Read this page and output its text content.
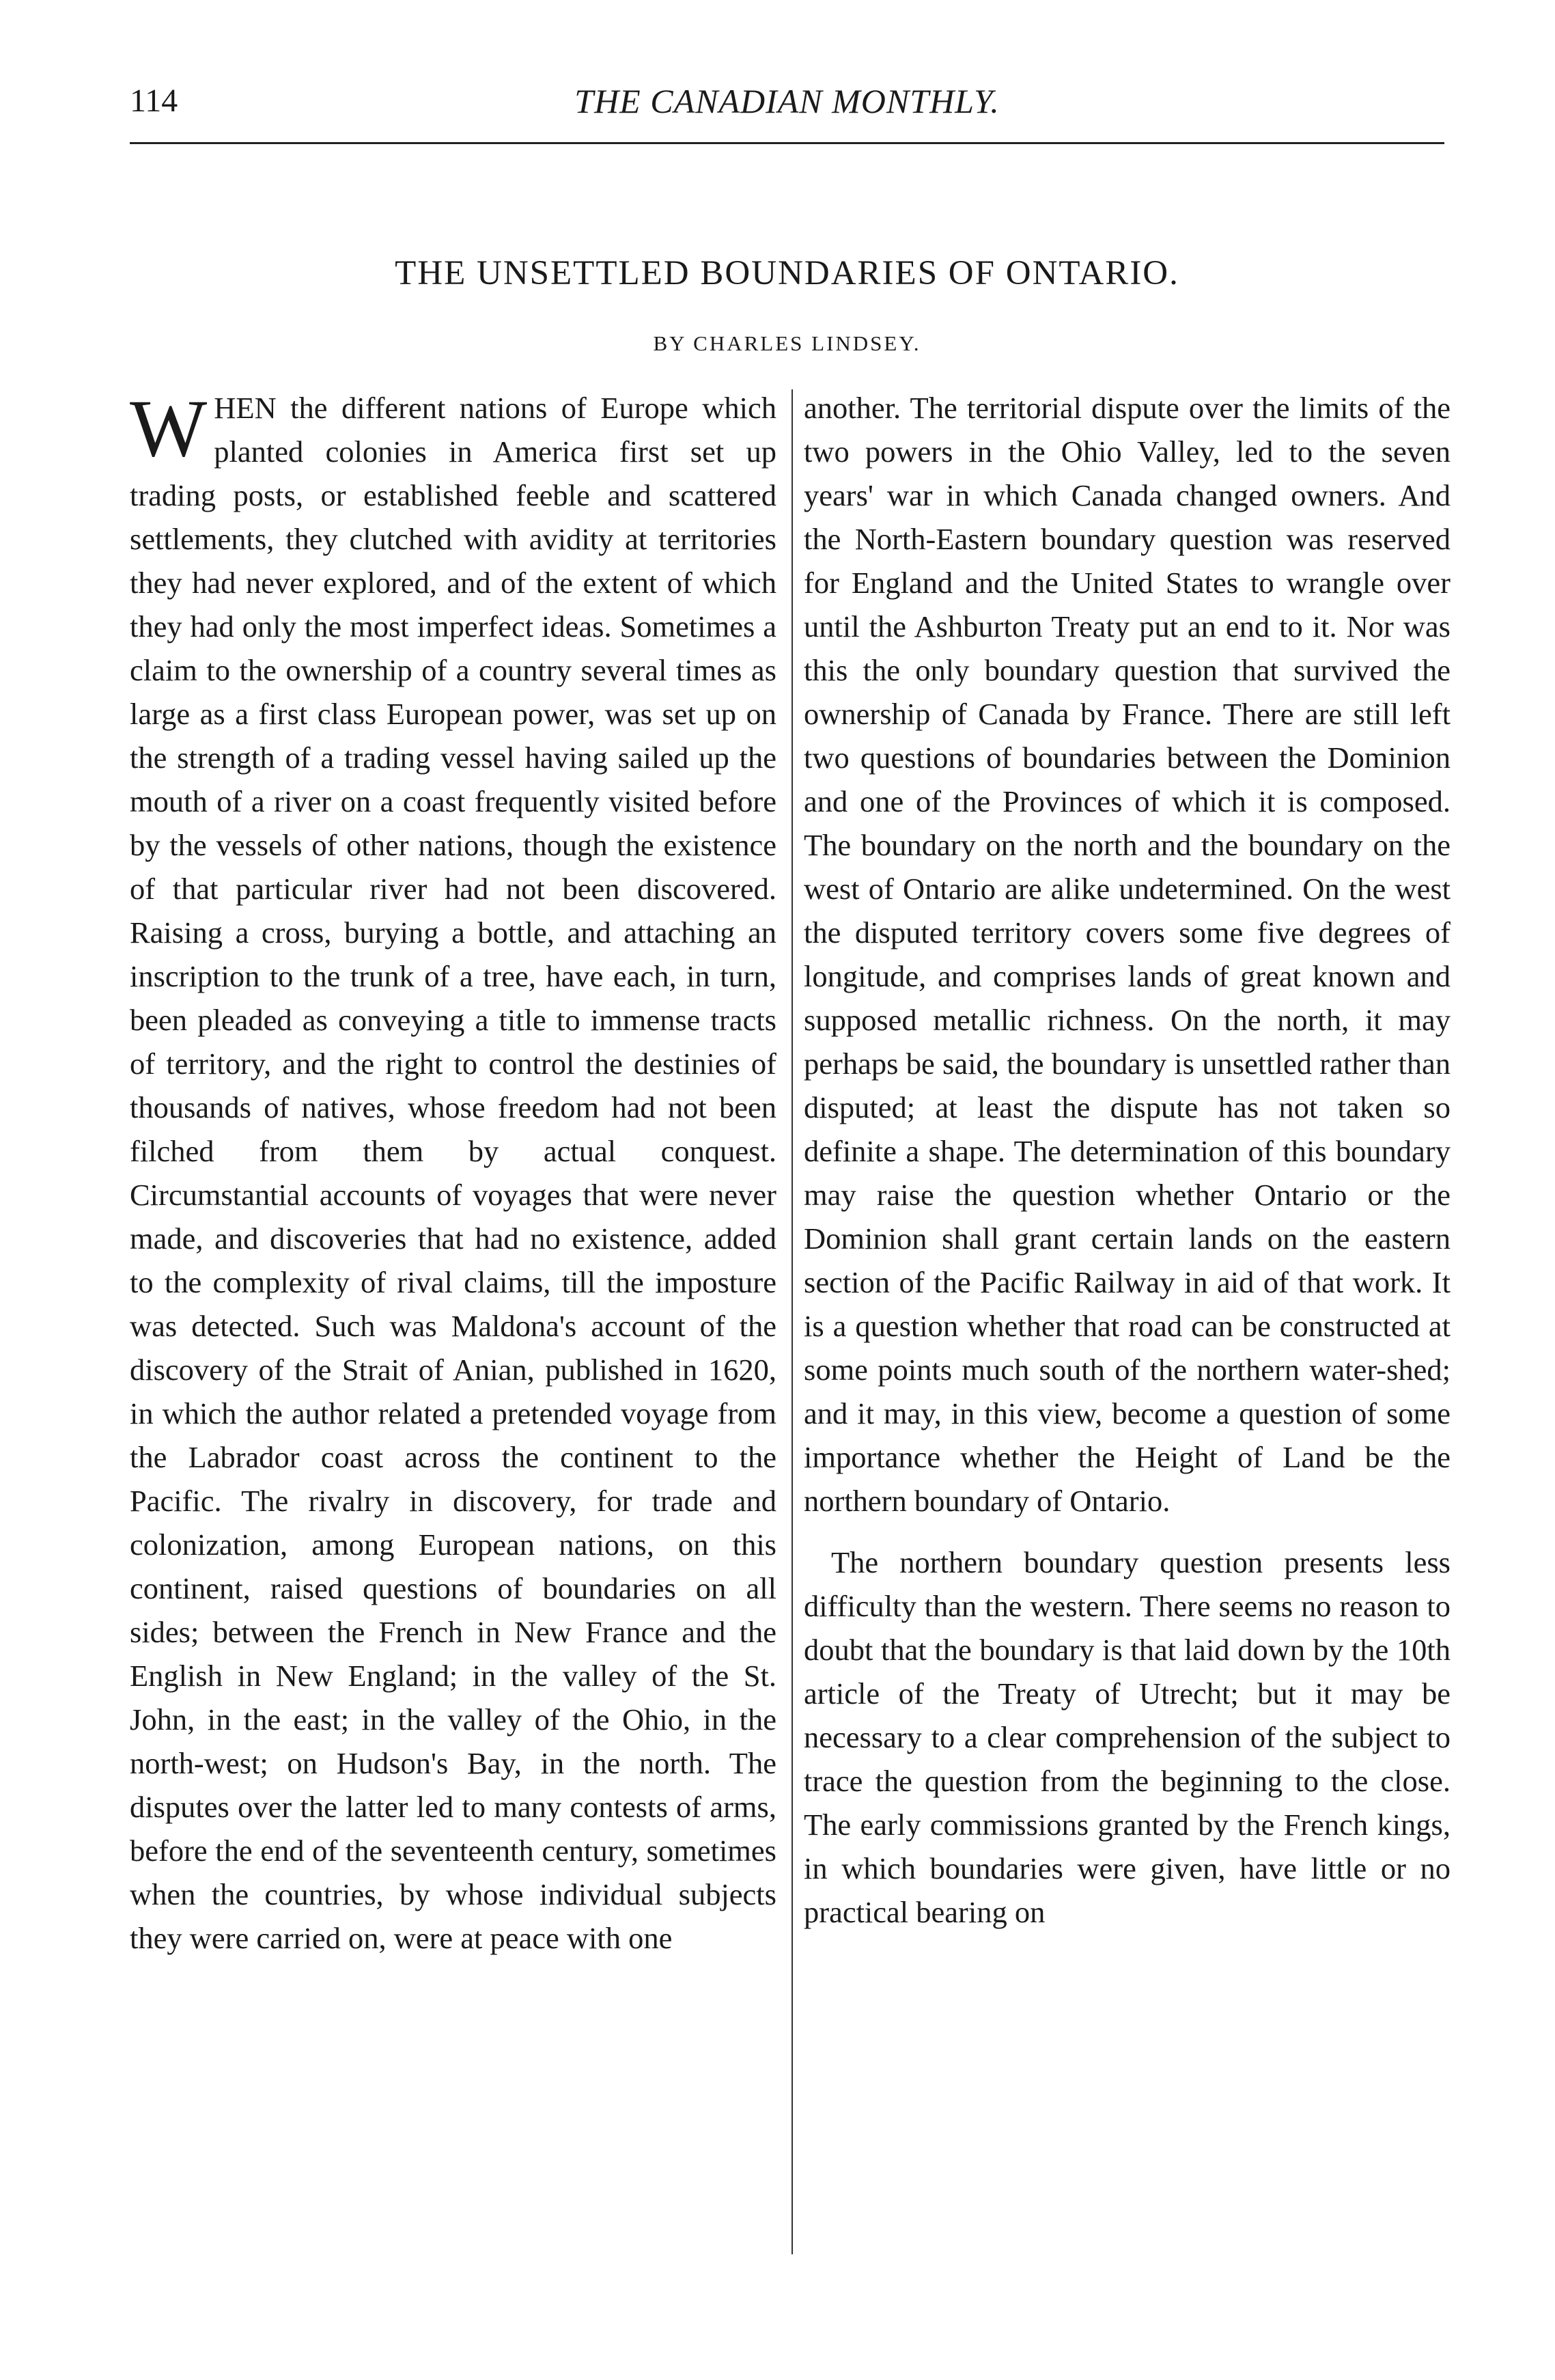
114	THE CANADIAN MONTHLY.
THE UNSETTLED BOUNDARIES OF ONTARIO.
BY CHARLES LINDSEY.

WHEN the different nations of Europe which planted colonies in America first set up trading posts, or established feeble and scattered settlements, they clutched with avidity at territories they had never explored, and of the extent of which they had only the most imperfect ideas. Sometimes a claim to the ownership of a country several times as large as a first class European power, was set up on the strength of a trading vessel having sailed up the mouth of a river on a coast frequently visited before by the vessels of other nations, though the existence of that particular river had not been discovered. Raising a cross, burying a bottle, and attaching an inscription to the trunk of a tree, have each, in turn, been pleaded as conveying a title to immense tracts of territory, and the right to control the destinies of thousands of natives, whose freedom had not been filched from them by actual conquest. Circumstantial accounts of voyages that were never made, and discoveries that had no existence, added to the complexity of rival claims, till the imposture was detected. Such was Maldona's account of the discovery of the Strait of Anian, published in 1620, in which the author related a pretended voyage from the Labrador coast across the continent to the Pacific. The rivalry in discovery, for trade and colonization, among European nations, on this continent, raised questions of boundaries on all sides; between the French in New France and the English in New England; in the valley of the St. John, in the east; in the valley of the Ohio, in the north-west; on Hudson's Bay, in the north. The disputes over the latter led to many contests of arms, before the end of the seventeenth century, sometimes when the countries, by whose individual subjects they were carried on, were at peace with one

another. The territorial dispute over the limits of the two powers in the Ohio Valley, led to the seven years' war in which Canada changed owners. And the North-Eastern boundary question was reserved for England and the United States to wrangle over until the Ashburton Treaty put an end to it. Nor was this the only boundary question that survived the ownership of Canada by France. There are still left two questions of boundaries between the Dominion and one of the Provinces of which it is composed. The boundary on the north and the boundary on the west of Ontario are alike undetermined. On the west the disputed territory covers some five degrees of longitude, and comprises lands of great known and supposed metallic richness. On the north, it may perhaps be said, the boundary is unsettled rather than disputed; at least the dispute has not taken so definite a shape. The determination of this boundary may raise the question whether Ontario or the Dominion shall grant certain lands on the eastern section of the Pacific Railway in aid of that work. It is a question whether that road can be constructed at some points much south of the northern water-shed; and it may, in this view, become a question of some importance whether the Height of Land be the northern boundary of Ontario.

The northern boundary question presents less difficulty than the western. There seems no reason to doubt that the boundary is that laid down by the 10th article of the Treaty of Utrecht; but it may be necessary to a clear comprehension of the subject to trace the question from the beginning to the close. The early commissions granted by the French kings, in which boundaries were given, have little or no practical bearing on
